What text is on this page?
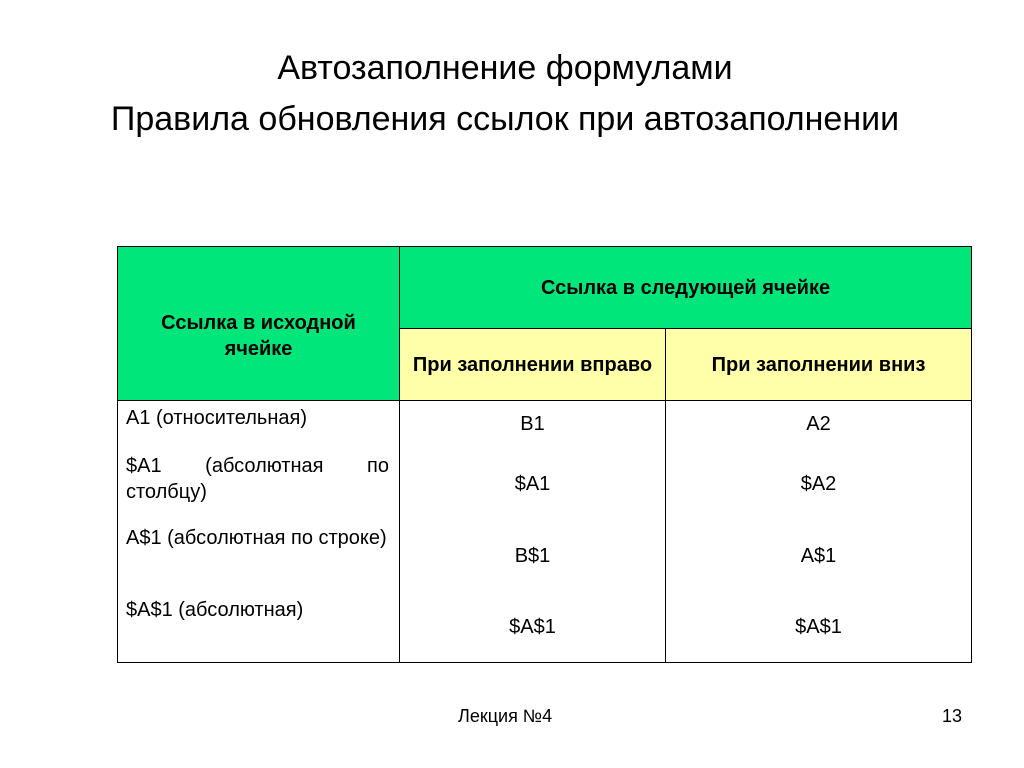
Автозаполнение формулами
Правила обновления ссылок при автозаполнении
Ссылка в исходной ячейке	Ссылка в следующей ячейке	
	При заполнении вправо	При заполнении вниз
A1 (относительная)	B1	A2
$A1 (абсолютная по столбцу)	$A1	$A2
A$1 (абсолютная по строке)	B$1	A$1
$A$1 (абсолютная)	$A$1	$A$1
Лекция №4	13
